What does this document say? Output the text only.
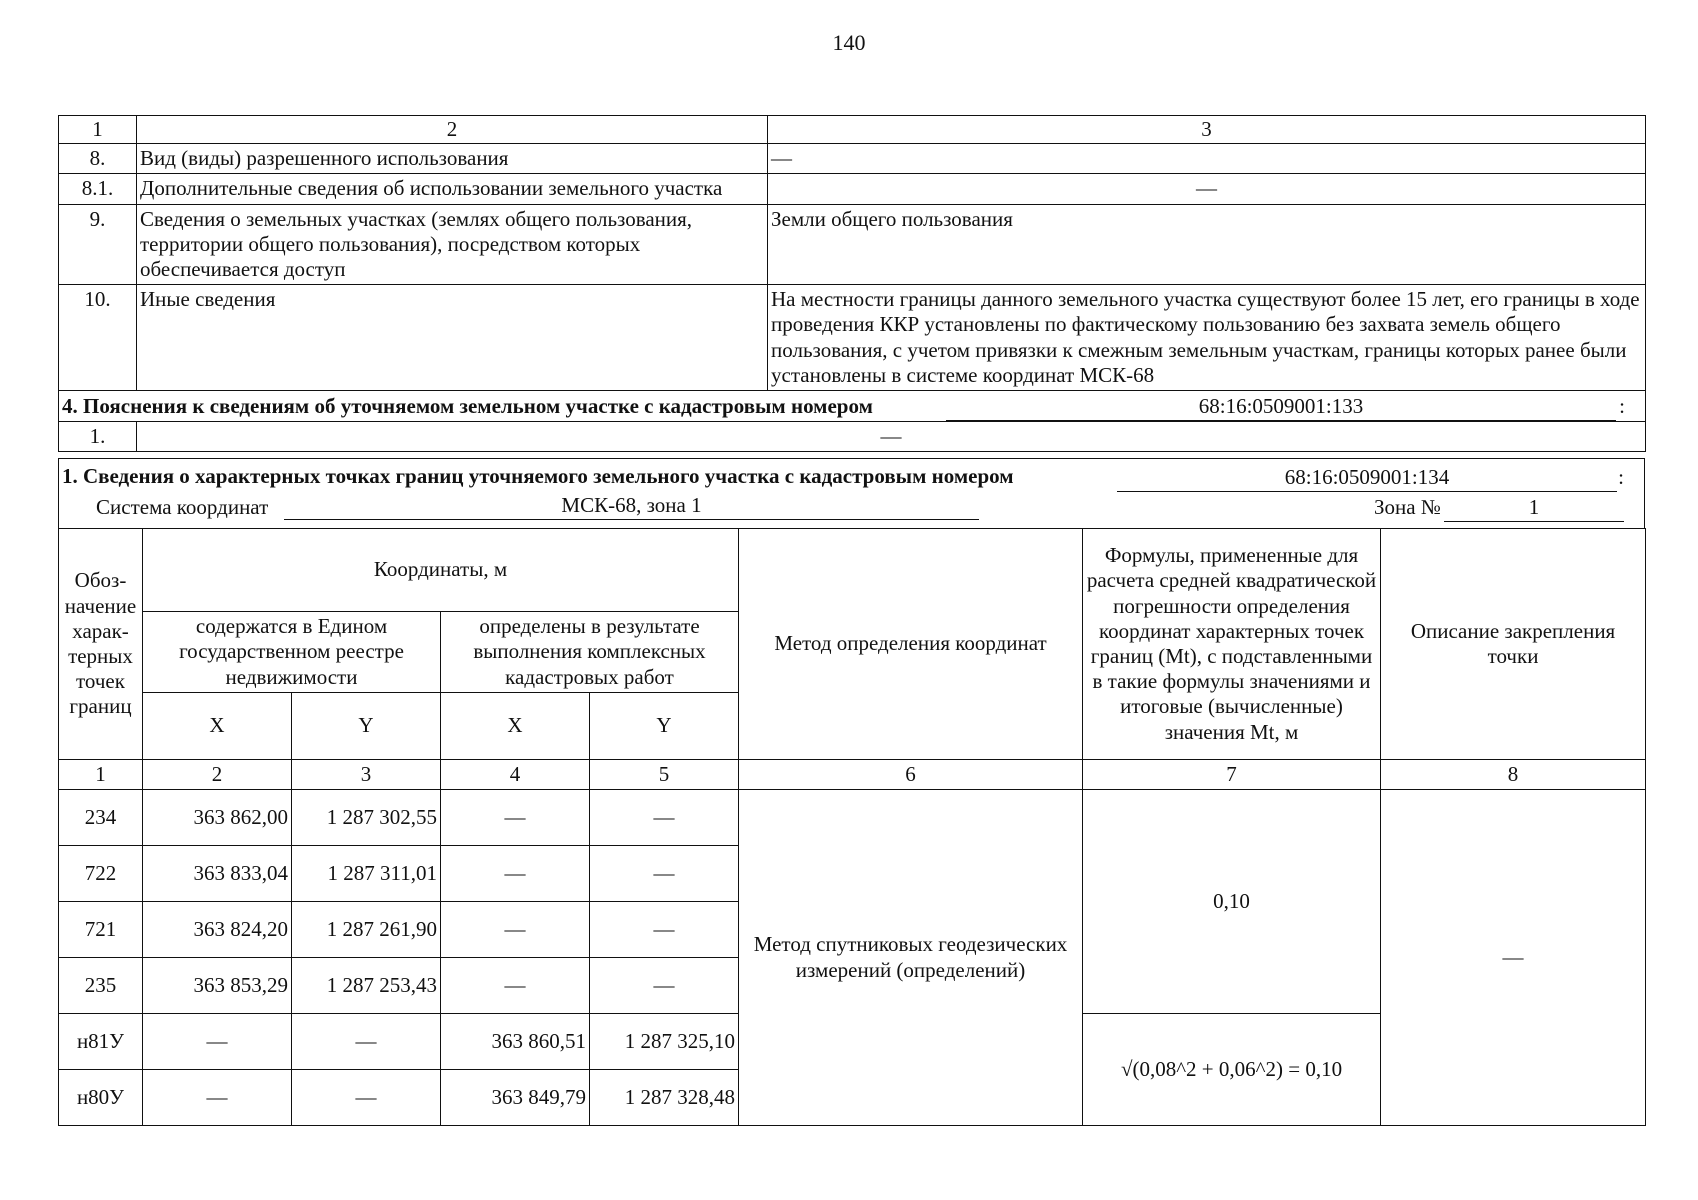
140
1	2	3
8.	Вид (виды) разрешенного использования	—
8.1.	Дополнительные сведения об использовании земельного участка	—
9.	Сведения о земельных участках (землях общего пользования, территории общего пользования), посредством которых обеспечивается доступ	Земли общего пользования
10.	Иные сведения	На местности границы данного земельного участка существуют более 15 лет, его границы в ходе проведения ККР установлены по фактическому пользованию без захвата земель общего пользования, с учетом привязки к смежным земельным участкам, границы которых ранее были установлены в системе координат МСК-68

4. Пояснения к сведениям об уточняемом земельном участке с кадастровым номером 68:16:0509001:133 :		

1.	—	
1. Сведения о характерных точках границ уточняемого земельного участка с кадастровым номером	68:16:0509001:134	:
Система координат	МСК-68, зона 1	Зона №	1
Обоз-начение харак-терных точек границ	Координаты, м				Метод определения координат	Формулы, примененные для расчета средней квадратической погрешности определения координат характерных точек границ (Mt), с подставленными в такие формулы значениями и итоговые (вычисленные) значения Mt, м	Описание закрепления точки
	содержатся в Едином государственном реестре недвижимости		определены в результате выполнения комплексных кадастровых работ				
	X	Y	X	Y			
1	2	3	4	5	6	7	8
234	363 862,00	1 287 302,55	—	—	Метод спутниковых геодезических измерений (определений)	0,10	—
722	363 833,04	1 287 311,01	—	—			
721	363 824,20	1 287 261,90	—	—			
235	363 853,29	1 287 253,43	—	—			
н81У	—	—	363 860,51	1 287 325,10		√(0,08^2 + 0,06^2) = 0,10	
н80У	—	—	363 849,79	1 287 328,48			
